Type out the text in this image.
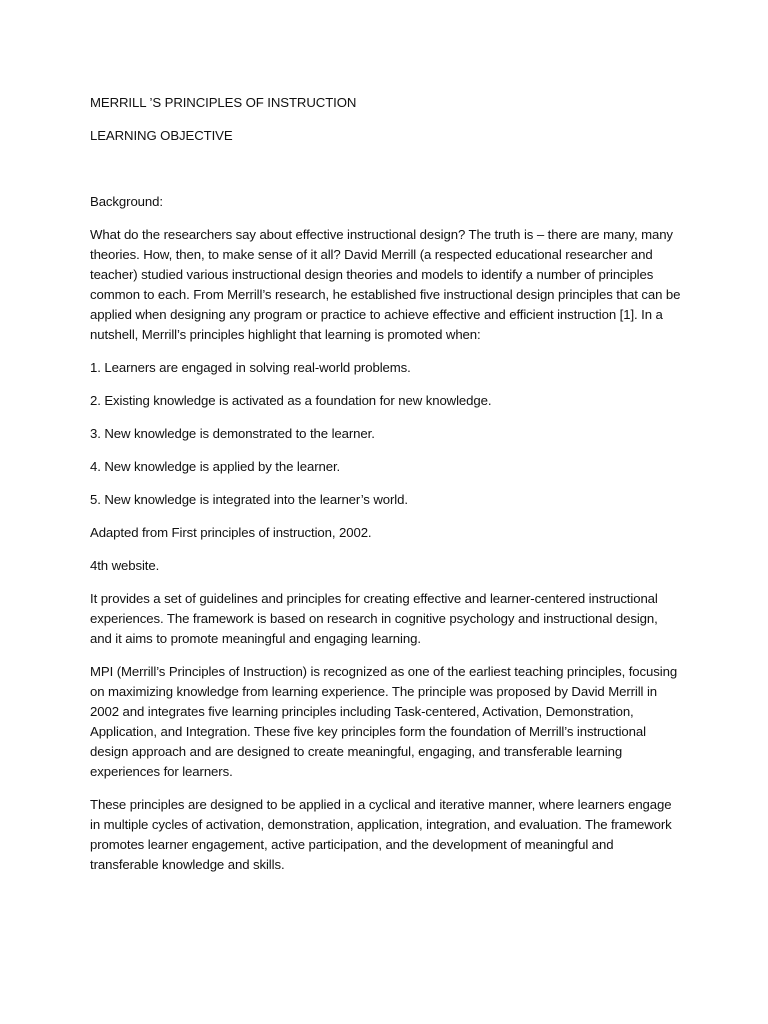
MERRILL ’S PRINCIPLES OF INSTRUCTION

LEARNING OBJECTIVE

Background:

What do the researchers say about effective instructional design? The truth is – there are many, many theories. How, then, to make sense of it all? David Merrill (a respected educational researcher and teacher) studied various instructional design theories and models to identify a number of principles common to each. From Merrill’s research, he established five instructional design principles that can be applied when designing any program or practice to achieve effective and efficient instruction [1]. In a nutshell, Merrill’s principles highlight that learning is promoted when:

1. Learners are engaged in solving real-world problems.

2. Existing knowledge is activated as a foundation for new knowledge.

3. New knowledge is demonstrated to the learner.

4. New knowledge is applied by the learner.

5. New knowledge is integrated into the learner’s world.

Adapted from First principles of instruction, 2002.

4th website.

It provides a set of guidelines and principles for creating effective and learner-centered instructional experiences. The framework is based on research in cognitive psychology and instructional design, and it aims to promote meaningful and engaging learning.

MPI (Merrill’s Principles of Instruction) is recognized as one of the earliest teaching principles, focusing on maximizing knowledge from learning experience. The principle was proposed by David Merrill in 2002 and integrates five learning principles including Task-centered, Activation, Demonstration, Application, and Integration. These five key principles form the foundation of Merrill’s instructional design approach and are designed to create meaningful, engaging, and transferable learning experiences for learners.

These principles are designed to be applied in a cyclical and iterative manner, where learners engage in multiple cycles of activation, demonstration, application, integration, and evaluation. The framework promotes learner engagement, active participation, and the development of meaningful and transferable knowledge and skills.
